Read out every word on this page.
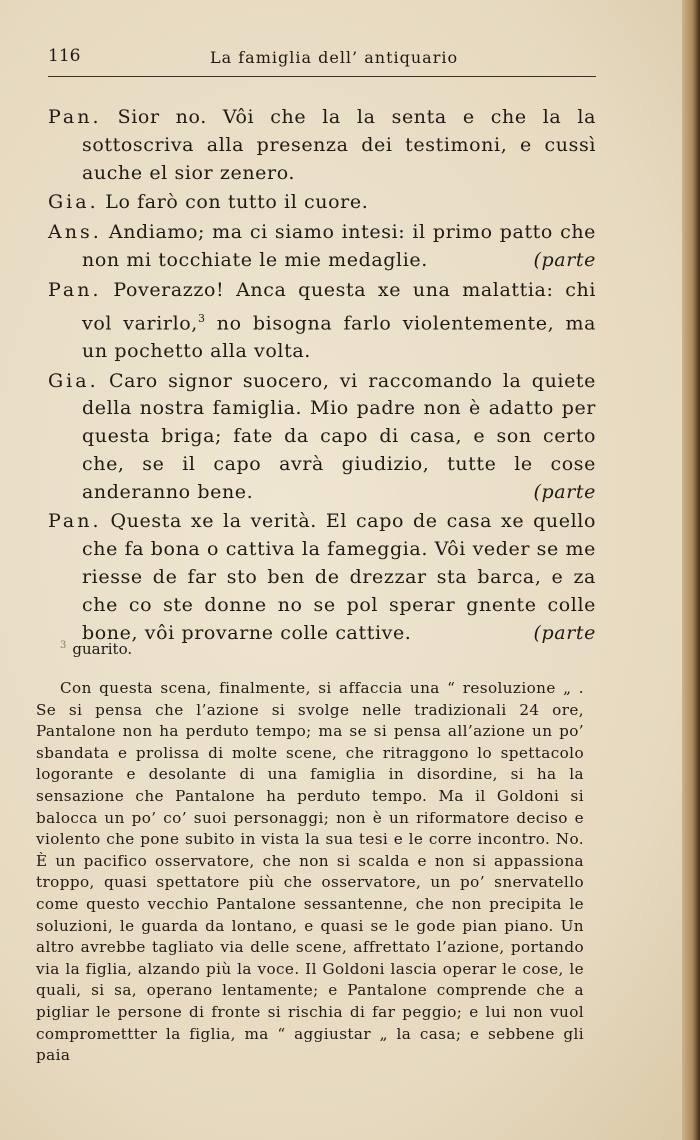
116	La famiglia dell’ antiquario

Pan. Sior no. Vôi che la la senta e che la la sottoscriva alla presenza dei testimoni, e cussì auche el sior zenero.

Gia. Lo farò con tutto il cuore.

Ans. Andiamo; ma ci siamo intesi: il primo patto che non mi tocchiate le mie medaglie.	(parte

Pan. Poverazzo! Anca questa xe una malattia: chi vol varirlo,$^3$ no bisogna farlo violentemente, ma un pochetto alla volta.

Gia. Caro signor suocero, vi raccomando la quiete della nostra famiglia. Mio padre non è adatto per questa briga; fate da capo di casa, e son certo che, se il capo avrà giudizio, tutte le cose anderanno bene.	(parte

Pan. Questa xe la verità. El capo de casa xe quello che fa bona o cattiva la fameggia. Vôi veder se me riesse de far sto ben de drezzar sta barca, e za che co ste donne no se pol sperar gnente colle bone, vôi provarne colle cattive.	(parte

$^3$ guarito.

Con questa scena, finalmente, si affaccia una “ resoluzione „ . Se si pensa che l’azione si svolge nelle tradizionali 24 ore, Pantalone non ha perduto tempo; ma se si pensa all’azione un po’ sbandata e prolissa di molte scene, che ritraggono lo spettacolo logorante e desolante di una famiglia in disordine, si ha la sensazione che Pantalone ha perduto tempo. Ma il Goldoni si balocca un po’ co’ suoi personaggi; non è un riformatore deciso e violento che pone subito in vista la sua tesi e le corre incontro. No. È un pacifico osservatore, che non si scalda e non si appassiona troppo, quasi spettatore più che osservatore, un po’ snervatello come questo vecchio Pantalone sessantenne, che non precipita le soluzioni, le guarda da lontano, e quasi se le gode pian piano. Un altro avrebbe tagliato via delle scene, affrettato l’azione, portando via la figlia, alzando più la voce. Il Goldoni lascia operar le cose, le quali, si sa, operano lentamente; e Pantalone comprende che a pigliar le persone di fronte si rischia di far peggio; e lui non vuol compromettter la figlia, ma “ aggiustar „ la casa; e sebbene gli paia
